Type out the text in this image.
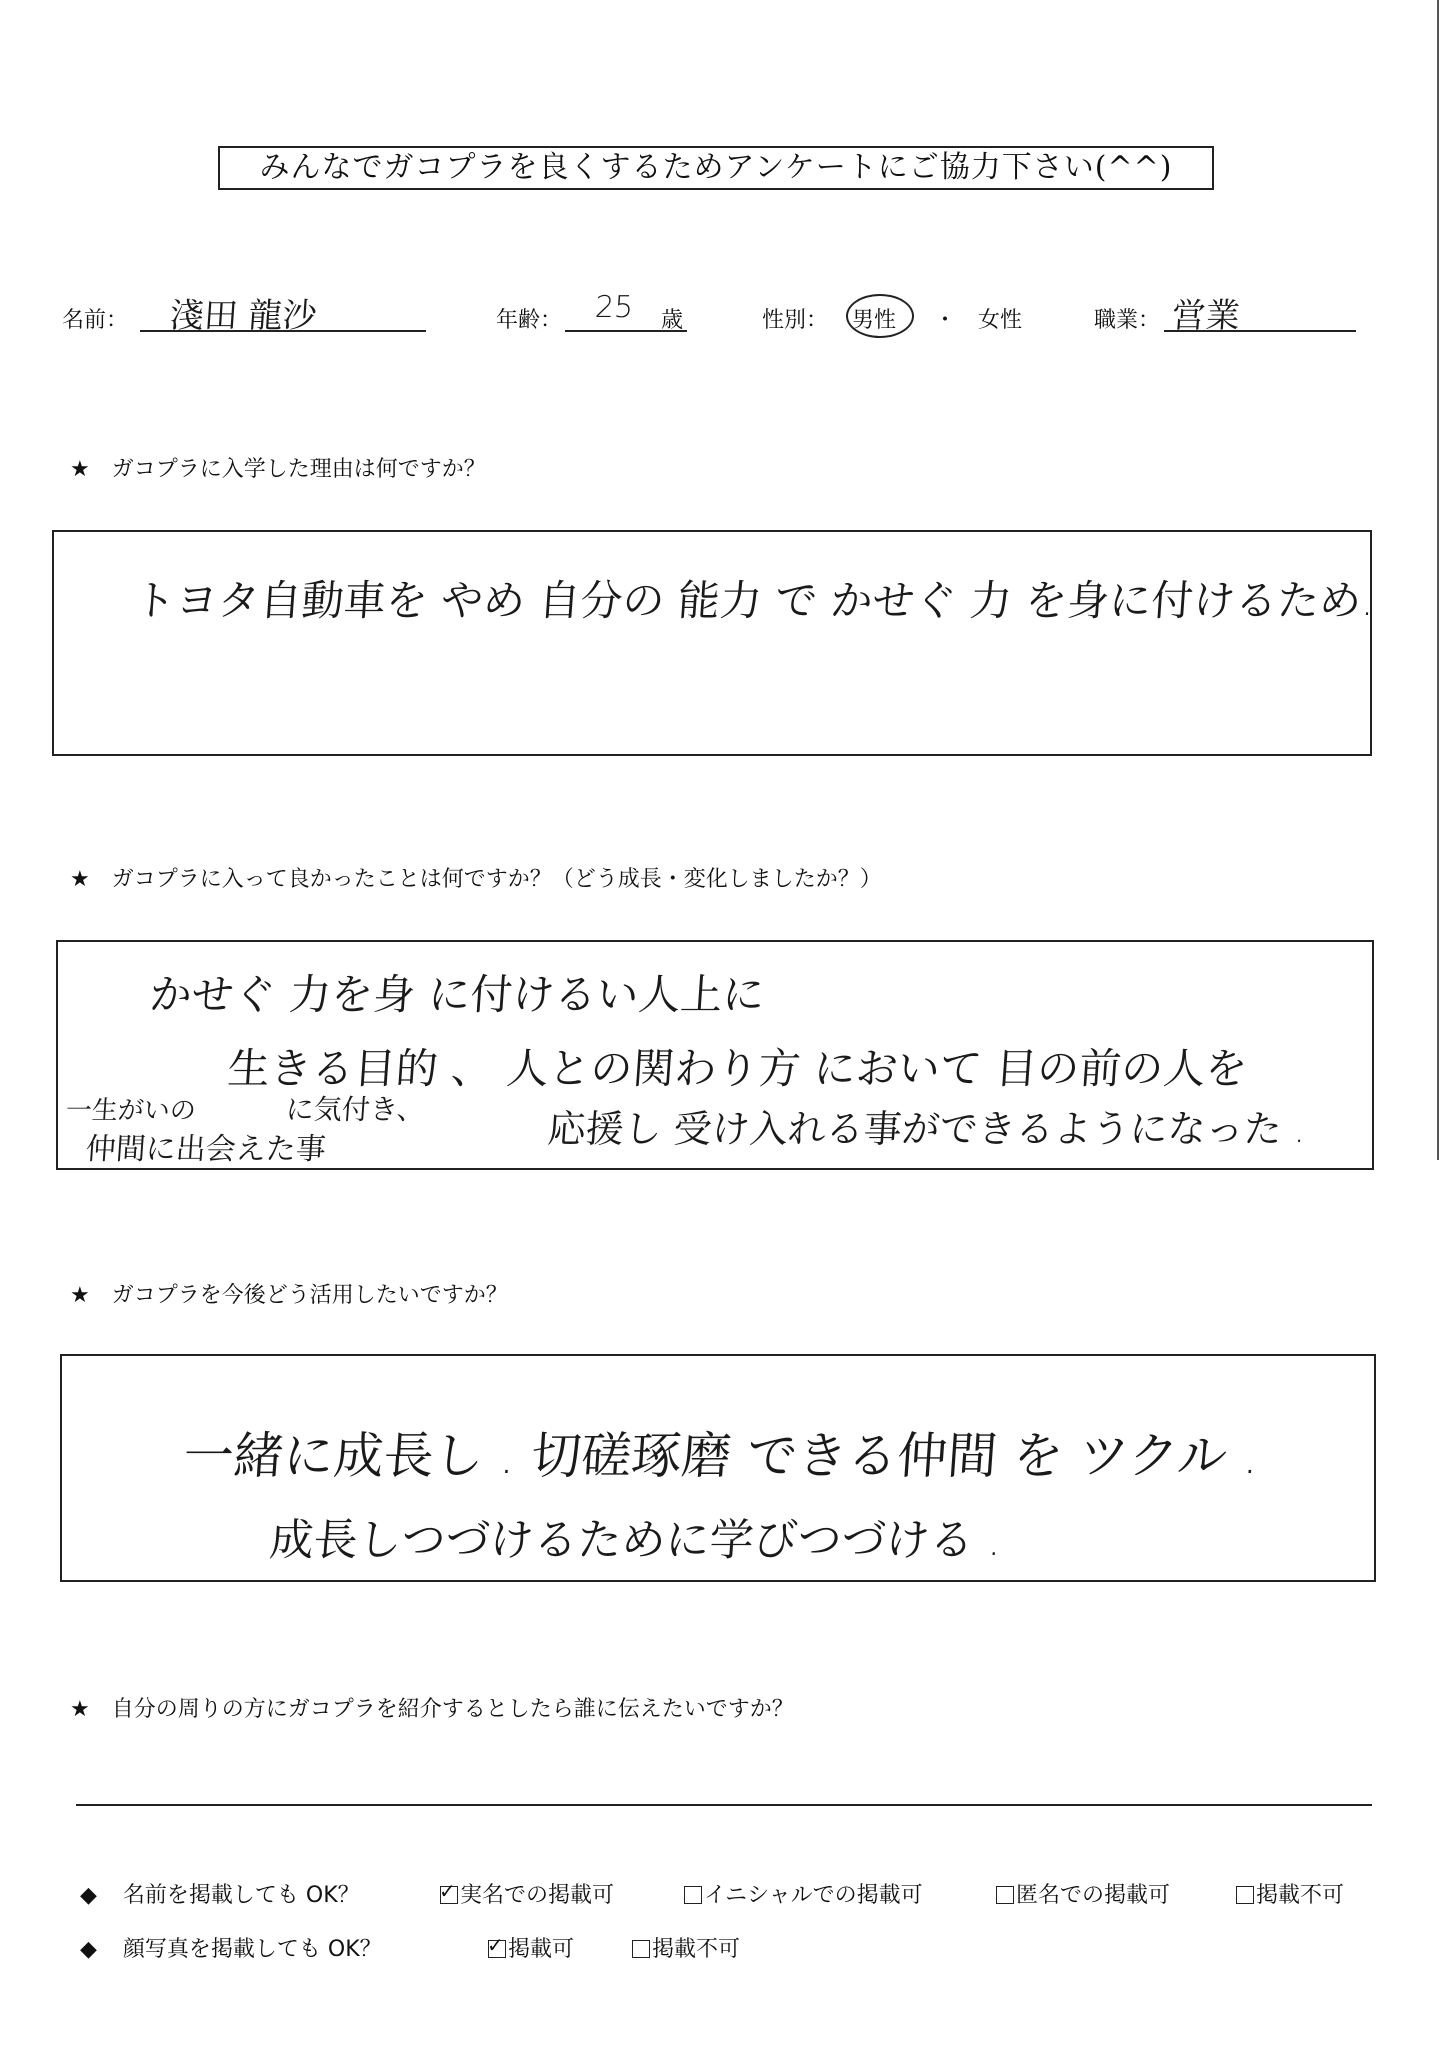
みんなでガコプラを良くするためアンケートにご協力下さい(^^)
名前： 淺田 龍沙	年齢： 25 歳	性別： 男性 ・ 女性	職業： 営業
★ ガコプラに入学した理由は何ですか？
トヨタ自動車を やめ 自分の 能力 で かせぐ 力 を身に付けるため.
★ ガコプラに入って良かったことは何ですか？（どう成長・変化しましたか？）
かせぐ 力を身 に付けるい人上に
生きる目的 、 人との関わり方 において 目の前の人を
に気付き、	応援し 受け入れる事ができるようになった .
一生がいの
仲間に出会えた事
★ ガコプラを今後どう活用したいですか？
一緒に成長し . 切磋琢磨 できる仲間 を ツクル .
成長しつづけるために学びつづける .
★ 自分の周りの方にガコプラを紹介するとしたら誰に伝えたいですか？
◆ 名前を掲載しても OK？	✓ 実名での掲載可	イニシャルでの掲載可	匿名での掲載可	掲載不可
◆ 顔写真を掲載しても OK？	✓ 掲載可	掲載不可
